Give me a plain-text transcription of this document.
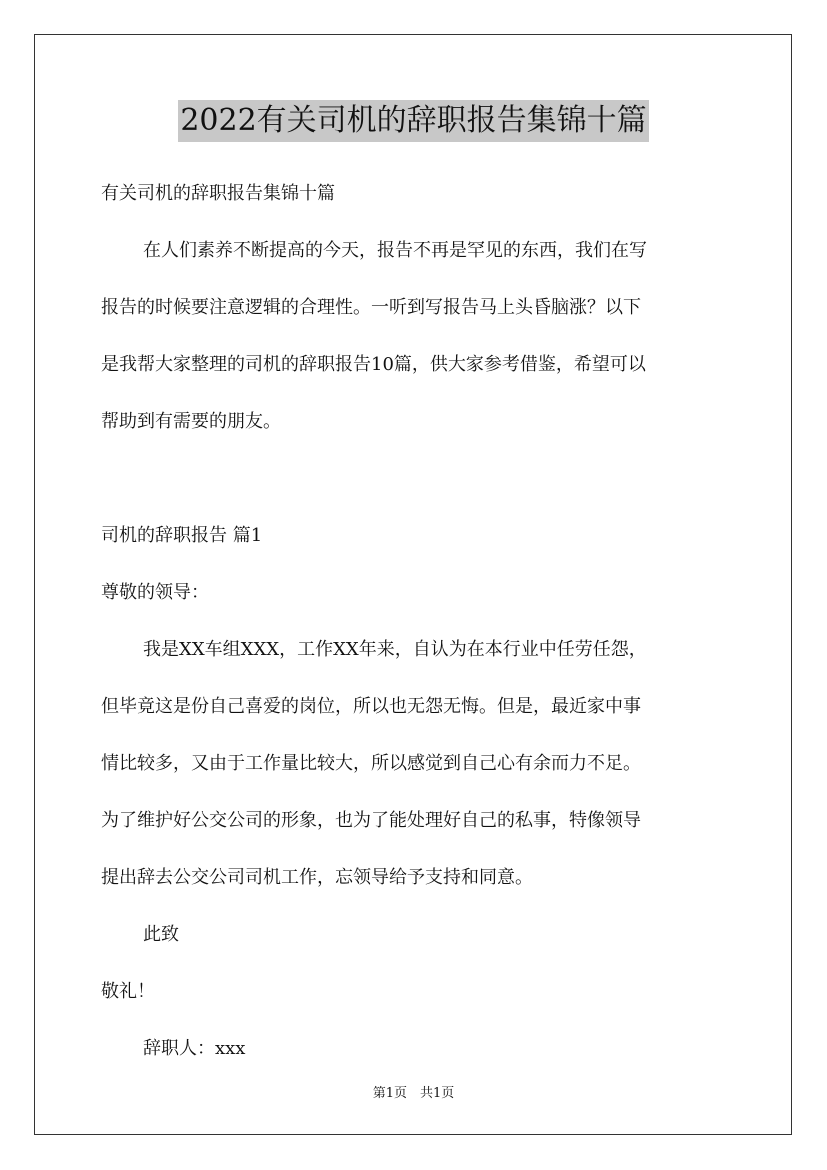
2022有关司机的辞职报告集锦十篇

有关司机的辞职报告集锦十篇

在人们素养不断提高的今天，报告不再是罕见的东西，我们在写

报告的时候要注意逻辑的合理性。一听到写报告马上头昏脑涨？以下

是我帮大家整理的司机的辞职报告10篇，供大家参考借鉴，希望可以

帮助到有需要的朋友。

司机的辞职报告 篇1

尊敬的领导：

我是XX车组XXX，工作XX年来，自认为在本行业中任劳任怨，

但毕竟这是份自己喜爱的岗位，所以也无怨无悔。但是，最近家中事

情比较多，又由于工作量比较大，所以感觉到自己心有余而力不足。

为了维护好公交公司的形象，也为了能处理好自己的私事，特像领导

提出辞去公交公司司机工作，忘领导给予支持和同意。

此致

敬礼！

辞职人：xxx

第1页　共1页
